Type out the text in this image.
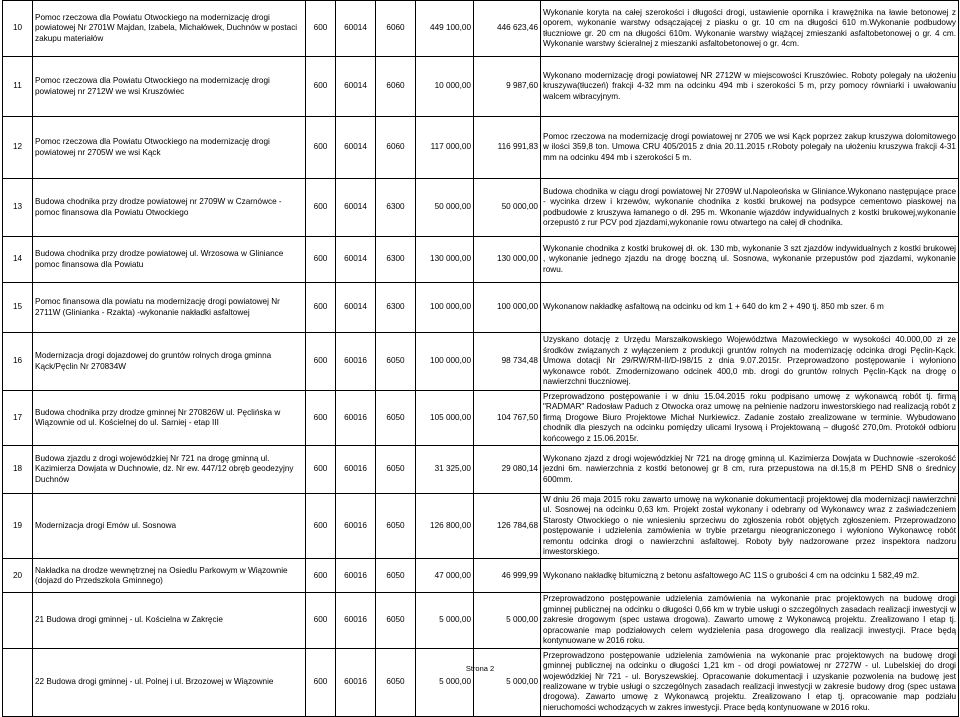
10	Pomoc rzeczowa dla Powiatu Otwockiego na modernizację drogi powiatowej Nr 2701W Majdan, Izabela, Michałówek, Duchnów w postaci zakupu materiałów	600	60014	6060	449 100,00	446 623,46	Wykonanie koryta na całej szerokości i długości drogi, ustawienie opornika i krawężnika na ławie betonowej z oporem, wykonanie warstwy odsączającej z piasku o gr. 10 cm na długości 610 m.Wykonanie podbudowy tłuczniowe gr. 20 cm na długości 610m. Wykonanie warstwy wiążącej zmieszanki asfaltobetonowej o gr. 4 cm. Wykonanie warstwy ścieralnej z mieszanki asfaltobetonowej o gr. 4cm.
11	Pomoc rzeczowa dla Powiatu Otwockiego na modernizację drogi powiatowej nr 2712W we wsi Kruszówiec	600	60014	6060	10 000,00	9 987,60	Wykonano modernizację drogi powiatowej NR 2712W w miejscowości Kruszówiec. Roboty polegały na ułożeniu kruszywa(tłuczeń) frakcji 4-32 mm na odcinku 494 mb i szerokości 5 m, przy pomocy równiarki i uwałowaniu walcem wibracyjnym.
12	Pomoc rzeczowa dla Powiatu Otwockiego na modernizację drogi powiatowej nr 2705W we wsi Kąck	600	60014	6060	117 000,00	116 991,83	Pomoc rzeczowa na modernizację drogi powiatowej nr 2705 we wsi Kąck poprzez zakup kruszywa dolomitowego w ilości 359,8 ton. Umowa CRU 405/2015 z dnia 20.11.2015 r.Roboty polegały na ułożeniu kruszywa frakcji 4-31 mm na odcinku 494 mb i szerokości 5 m.
13	Budowa chodnika przy drodze powiatowej nr 2709W w Czarnówce - pomoc finansowa dla Powiatu Otwockiego	600	60014	6300	50 000,00	50 000,00	Budowa chodnika w ciągu drogi powiatowej Nr 2709W ul.Napoleońska w Gliniance.Wykonano następujące prace - wycinka drzew i krzewów, wykonanie chodnika z kostki brukowej na podsypce cementowo piaskowej na podbudowie z kruszywa łamanego o dł. 295 m. Wkonanie wjazdów indywidualnych z kostki brukowej,wykonanie orzepustó z rur PCV pod zjazdami,wykonanie rowu otwartego na całej dł chodnika.
14	Budowa chodnika przy drodze powiatowej ul. Wrzosowa w Gliniance pomoc finansowa dla Powiatu	600	60014	6300	130 000,00	130 000,00	Wykonanie chodnika z kostki brukowej dł. ok. 130 mb, wykonanie 3 szt zjazdów indywidualnych z kostki brukowej , wykonanie jednego zjazdu na drogę boczną ul. Sosnowa, wykonanie przepustów pod zjazdami, wykonanie rowu.
15	Pomoc finansowa dla powiatu na modernizację drogi powiatowej Nr 2711W (Glinianka - Rzakta) -wykonanie nakładki asfaltowej	600	60014	6300	100 000,00	100 000,00	Wykonanow nakładkę asfaltową na odcinku od km 1 + 640 do km 2 + 490 tj. 850 mb szer. 6 m
16	Modernizacja drogi dojazdowej do gruntów rolnych droga gminna Kąck/Pęclin Nr 270834W	600	60016	6050	100 000,00	98 734,48	Uzyskano dotację z Urzędu Marszałkowskiego Województwa Mazowieckiego w wysokości 40.000,00 zł ze środków związanych z wyłączeniem z produkcji gruntów rolnych na modernizację odcinka drogi Pęclin-Kąck. Umowa dotacji Nr 29/RW/RM-II/D-I98/15 z dnia 9.07.2015r. Przeprowadzono postępowanie i wyłoniono wykonawce robót. Zmodernizowano odcinek 400,0 mb. drogi do gruntów rolnych Pęclin-Kąck na drogę o nawierzchni tłuczniowej.
17	Budowa chodnika przy drodze gminnej Nr 270826W ul. Pęclińska w Wiązownie od ul. Kościelnej do ul. Sarniej - etap III	600	60016	6050	105 000,00	104 767,50	Przeprowadzono postępowanie i w dniu 15.04.2015 roku podpisano umowę z wykonawcą robót tj. firmą "RADMAR" Radosław Paduch z Otwocka oraz umowę na pełnienie nadzoru inwestorskiego nad realizacją robót z firmą Drogowe Biuro Projektowe Michał Nurkiewicz. Zadanie zostało zrealizowane w terminie. Wybudowano chodnik dla pieszych na odcinku pomiędzy ulicami Irysową i Projektowaną – długość 270,0m. Protokół odbioru końcowego z 15.06.2015r.
18	Budowa zjazdu z drogi wojewódzkiej Nr 721 na drogę gminną ul. Kazimierza Dowjata w Duchnowie, dz. Nr ew. 447/12 obręb geodezyjny Duchnów	600	60016	6050	31 325,00	29 080,14	Wykonano zjazd z drogi wojewódzkiej Nr 721 na drogę gminną ul. Kazimierza Dowjata w Duchnowie -szerokość jezdni 6m. nawierzchnia z kostki betonowej gr 8 cm, rura przepustowa na dł.15,8 m PEHD SN8 o średnicy 600mm.
19	Modernizacja drogi Emów ul. Sosnowa	600	60016	6050	126 800,00	126 784,68	W dniu 26 maja 2015 roku zawarto umowę na wykonanie dokumentacji projektowej dla modernizacji nawierzchni ul. Sosnowej na odcinku 0,63 km. Projekt został wykonany i odebrany od Wykonawcy wraz z zaświadczeniem Starosty Otwockiego o nie wniesieniu sprzeciwu do zgłoszenia robót objętych zgłoszeniem. Przeprowadzono postępowanie i udzielenia zamówienia w trybie przetargu nieograniczonego i wyłoniono Wykonawcę robót remontu odcinka drogi o nawierzchni asfaltowej. Roboty były nadzorowane przez inspektora nadzoru inwestorskiego.
20	Nakładka na drodze wewnętrznej na Osiedlu Parkowym w Wiązownie (dojazd do Przedszkola Gminnego)	600	60016	6050	47 000,00	46 999,99	Wykonano nakładkę bitumiczną z betonu asfaltowego AC 11S o grubości 4 cm na odcinku 1 582,49 m2.
	21 Budowa drogi gminnej - ul. Kościelna w Zakręcie	600	60016	6050	5 000,00	5 000,00	Przeprowadzono postępowanie udzielenia zamówienia na wykonanie prac projektowych na budowę drogi gminnej publicznej na odcinku o długości 0,66 km w trybie usługi o szczególnych zasadach realizacji inwestycji w zakresie drogowym (spec ustawa drogowa). Zawarto umowę z Wykonawcą projektu. Zrealizowano I etap tj. opracowanie map podziałowych celem wydzielenia pasa drogowego dla realizacji inwestycji. Prace będą kontynuowane w 2016 roku.
	22 Budowa drogi gminnej - ul. Polnej i ul. Brzozowej w Wiązownie	600	60016	6050	5 000,00	5 000,00	Przeprowadzono postępowanie udzielenia zamówienia na wykonanie prac projektowych na budowę drogi gminnej publicznej na odcinku o długości 1,21 km - od drogi powiatowej nr 2727W - ul. Lubelskiej do drogi wojewódzkiej Nr 721 - ul. Boryszewskiej. Opracowanie dokumentacji i uzyskanie pozwolenia na budowę jest realizowane w trybie usługi o szczególnych zasadach realizacji inwestycji w zakresie budowy drog (spec ustawa drogowa). Zawarto umowę z Wykonawcą projektu. Zrealizowano I etap tj. opracowanie map podziału nieruchomości wchodzących w zakres inwestycji. Prace będą kontynuowane w 2016 roku.
Strona 2
